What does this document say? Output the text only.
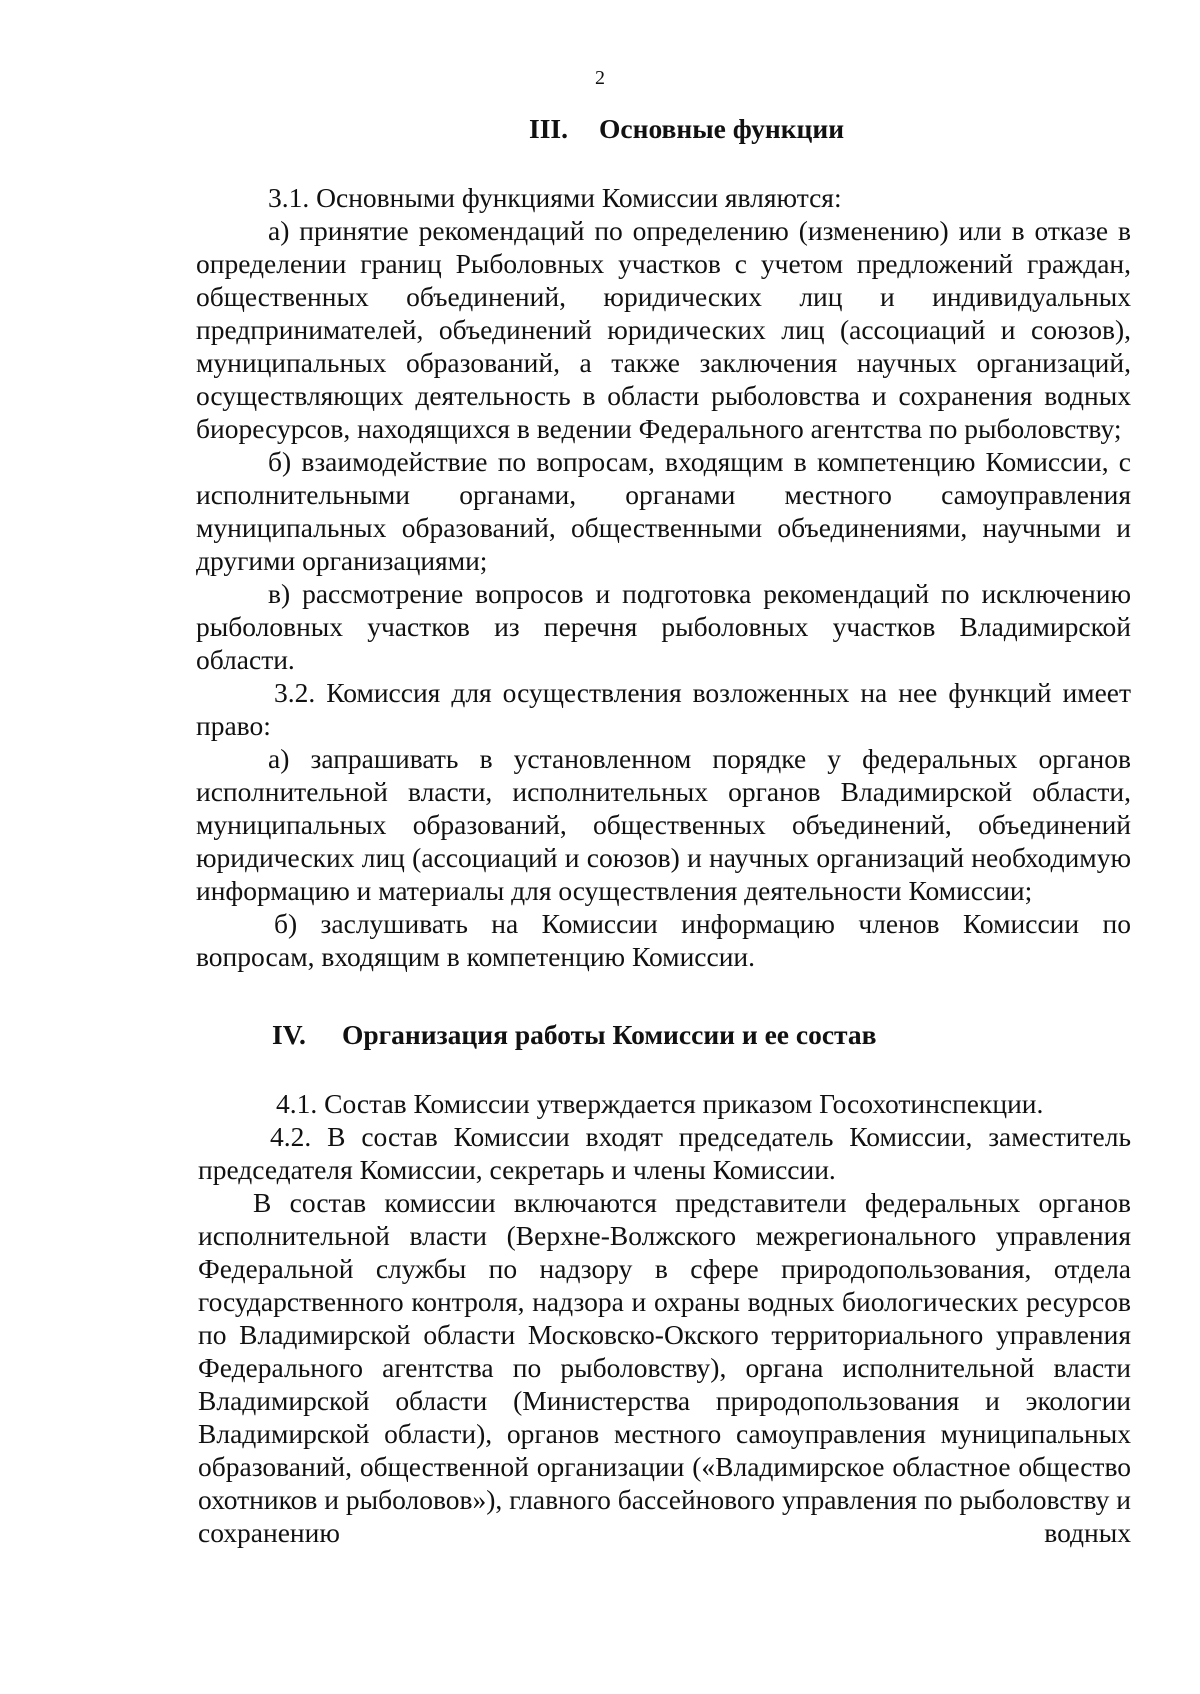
2
III. Основные функции

3.1. Основными функциями Комиссии являются:

а) принятие рекомендаций по определению (изменению) или в отказе в определении границ Рыболовных участков с учетом предложений граждан, общественных объединений, юридических лиц и индивидуальных предпринимателей, объединений юридических лиц (ассоциаций и союзов), муниципальных образований, а также заключения научных организаций, осуществляющих деятельность в области рыболовства и сохранения водных биоресурсов, находящихся в ведении Федерального агентства по рыболовству;

б) взаимодействие по вопросам, входящим в компетенцию Комиссии, с исполнительными органами, органами местного самоуправления муниципальных образований, общественными объединениями, научными и другими организациями;

в) рассмотрение вопросов и подготовка рекомендаций по исключению рыболовных участков из перечня рыболовных участков Владимирской области.

3.2. Комиссия для осуществления возложенных на нее функций имеет право:

а) запрашивать в установленном порядке у федеральных органов исполнительной власти, исполнительных органов Владимирской области, муниципальных образований, общественных объединений, объединений юридических лиц (ассоциаций и союзов) и научных организаций необходимую информацию и материалы для осуществления деятельности Комиссии;

б) заслушивать на Комиссии информацию членов Комиссии по вопросам, входящим в компетенцию Комиссии.

IV. Организация работы Комиссии и ее состав

4.1. Состав Комиссии утверждается приказом Госохотинспекции.

4.2. В состав Комиссии входят председатель Комиссии, заместитель председателя Комиссии, секретарь и члены Комиссии.

В состав комиссии включаются представители федеральных органов исполнительной власти (Верхне-Волжского межрегионального управления Федеральной службы по надзору в сфере природопользования, отдела государственного контроля, надзора и охраны водных биологических ресурсов по Владимирской области Московско-Окского территориального управления Федерального агентства по рыболовству), органа исполнительной власти Владимирской области (Министерства природопользования и экологии Владимирской области), органов местного самоуправления муниципальных образований, общественной организации («Владимирское областное общество охотников и рыболовов»), главного бассейнового управления по рыболовству и сохранению водных
